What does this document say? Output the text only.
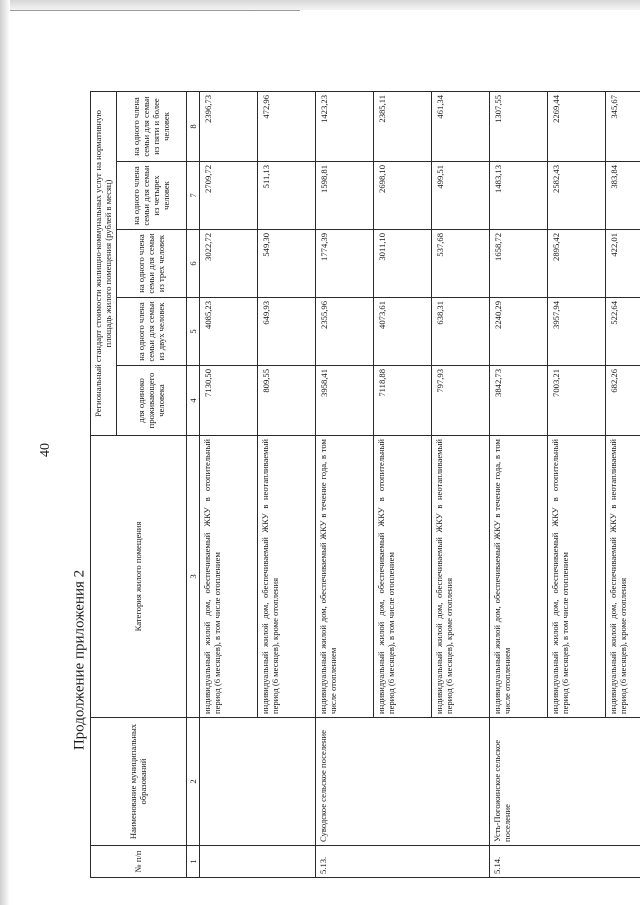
40
Продолжение приложения 2
№ п/п	Наименование муниципальных образований	Категория жилого помещения	Региональный стандарт стоимости жилищно-коммунальных услуг на нормативную площадь жилого помещения (рублей в месяц)				
			для одиноко проживающего человека	на одного члена семьи для семьи из двух человек	на одного члена семьи для семьи из трех человек	на одного члена семьи для семьи из четырех человек	на одного члена семьи для семьи из пяти и более человек
1	2	3	4	5	6	7	8
		индивидуальный жилой дом, обеспечиваемый ЖКУ в отопительный период (6 месяцев), в том числе отоплением	7130,50	4085,23	3022,72	2709,72	2396,73
		индивидуальный жилой дом, обеспечиваемый ЖКУ в неотапливаемый период (6 месяцев), кроме отопления	809,55	649,93	549,30	511,13	472,96
5.13.	Суводское сельское поселение	индивидуальный жилой дом, обеспечиваемый ЖКУ в течение года, в том числе отоплением	3958,41	2355,96	1774,39	1598,81	1423,23
		индивидуальный жилой дом, обеспечиваемый ЖКУ в отопительный период (6 месяцев), в том числе отоплением	7118,88	4073,61	3011,10	2698,10	2385,11
		индивидуальный жилой дом, обеспечиваемый ЖКУ в неотапливаемый период (6 месяцев), кроме отопления	797,93	638,31	537,68	499,51	461,34
5.14.	Усть-Погожинское сельское поселение	индивидуальный жилой дом, обеспечиваемый ЖКУ в течение года, в том числе отоплением	3842,73	2240,29	1658,72	1483,13	1307,55
		индивидуальный жилой дом, обеспечиваемый ЖКУ в отопительный период (6 месяцев), в том числе отоплением	7003,21	3957,94	2895,42	2582,43	2269,44
		индивидуальный жилой дом, обеспечиваемый ЖКУ в неотапливаемый период (6 месяцев), кроме отопления	682,26	522,64	422,01	383,84	345,67
